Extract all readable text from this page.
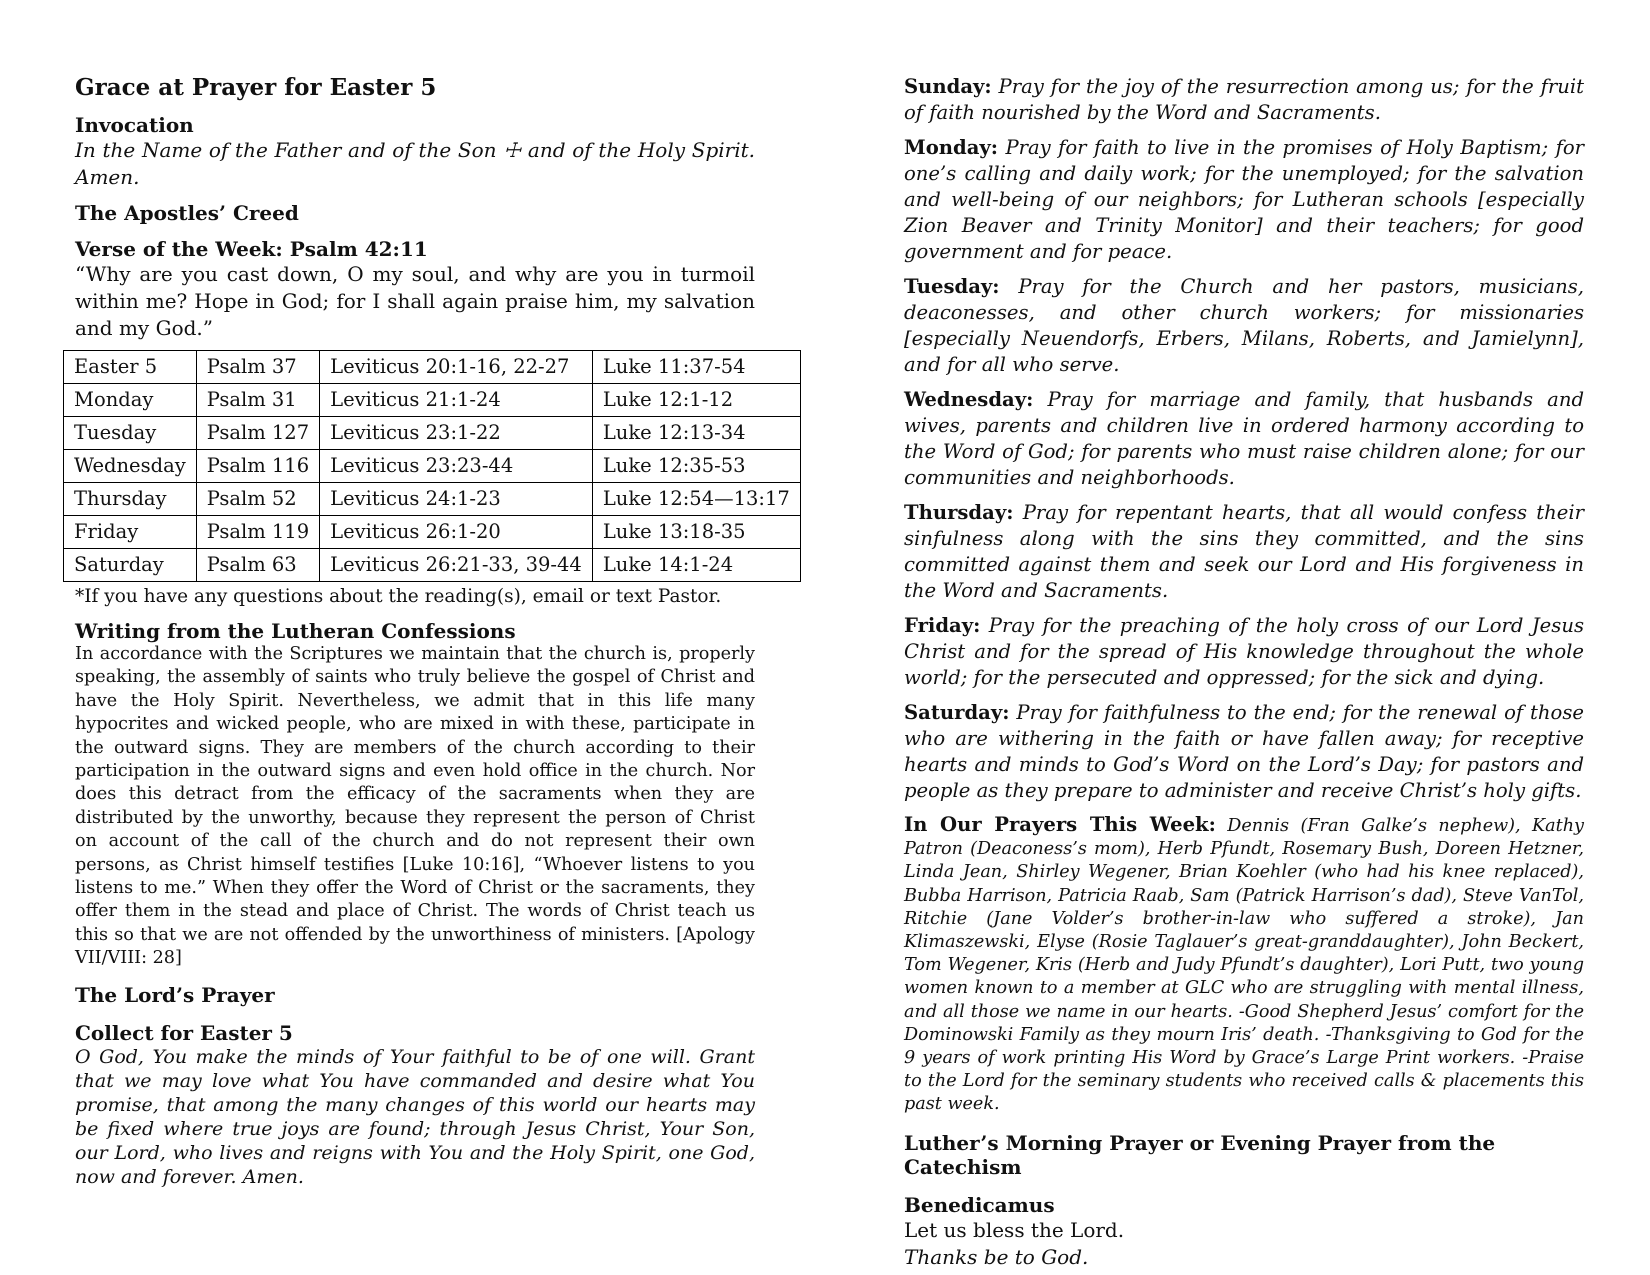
Grace at Prayer for Easter 5

Invocation

In the Name of the Father and of the Son ☩ and of the Holy Spirit. Amen.

The Apostles’ Creed

Verse of the Week: Psalm 42:11

“Why are you cast down, O my soul, and why are you in turmoil within me? Hope in God; for I shall again praise him, my salvation and my God.”

Easter 5	Psalm 37	Leviticus 20:1-16, 22-27	Luke 11:37-54
Monday	Psalm 31	Leviticus 21:1-24	Luke 12:1-12
Tuesday	Psalm 127	Leviticus 23:1-22	Luke 12:13-34
Wednesday	Psalm 116	Leviticus 23:23-44	Luke 12:35-53
Thursday	Psalm 52	Leviticus 24:1-23	Luke 12:54—13:17
Friday	Psalm 119	Leviticus 26:1-20	Luke 13:18-35
Saturday	Psalm 63	Leviticus 26:21-33, 39-44	Luke 14:1-24

*If you have any questions about the reading(s), email or text Pastor.

Writing from the Lutheran Confessions

In accordance with the Scriptures we maintain that the church is, properly speaking, the assembly of saints who truly believe the gospel of Christ and have the Holy Spirit. Nevertheless, we admit that in this life many hypocrites and wicked people, who are mixed in with these, participate in the outward signs. They are members of the church according to their participation in the outward signs and even hold office in the church. Nor does this detract from the efficacy of the sacraments when they are distributed by the unworthy, because they represent the person of Christ on account of the call of the church and do not represent their own persons, as Christ himself testifies [Luke 10:16], “Whoever listens to you listens to me.” When they offer the Word of Christ or the sacraments, they offer them in the stead and place of Christ. The words of Christ teach us this so that we are not offended by the unworthiness of ministers. [Apology VII/VIII: 28]

The Lord’s Prayer

Collect for Easter 5

O God, You make the minds of Your faithful to be of one will. Grant that we may love what You have commanded and desire what You promise, that among the many changes of this world our hearts may be fixed where true joys are found; through Jesus Christ, Your Son, our Lord, who lives and reigns with You and the Holy Spirit, one God, now and forever. Amen.

Sunday: Pray for the joy of the resurrection among us; for the fruit of faith nourished by the Word and Sacraments.

Monday: Pray for faith to live in the promises of Holy Baptism; for one’s calling and daily work; for the unemployed; for the salvation and well-being of our neighbors; for Lutheran schools [especially Zion Beaver and Trinity Monitor] and their teachers; for good government and for peace.

Tuesday: Pray for the Church and her pastors, musicians, deaconesses, and other church workers; for missionaries [especially Neuendorfs, Erbers, Milans, Roberts, and Jamielynn], and for all who serve.

Wednesday: Pray for marriage and family, that husbands and wives, parents and children live in ordered harmony according to the Word of God; for parents who must raise children alone; for our communities and neighborhoods.

Thursday: Pray for repentant hearts, that all would confess their sinfulness along with the sins they committed, and the sins committed against them and seek our Lord and His forgiveness in the Word and Sacraments.

Friday: Pray for the preaching of the holy cross of our Lord Jesus Christ and for the spread of His knowledge throughout the whole world; for the persecuted and oppressed; for the sick and dying.

Saturday: Pray for faithfulness to the end; for the renewal of those who are withering in the faith or have fallen away; for receptive hearts and minds to God’s Word on the Lord’s Day; for pastors and people as they prepare to administer and receive Christ’s holy gifts.

In Our Prayers This Week: Dennis (Fran Galke’s nephew), Kathy Patron (Deaconess’s mom), Herb Pfundt, Rosemary Bush, Doreen Hetzner, Linda Jean, Shirley Wegener, Brian Koehler (who had his knee replaced), Bubba Harrison, Patricia Raab, Sam (Patrick Harrison’s dad), Steve VanTol, Ritchie (Jane Volder’s brother-in-law who suffered a stroke), Jan Klimaszewski, Elyse (Rosie Taglauer’s great-granddaughter), John Beckert, Tom Wegener, Kris (Herb and Judy Pfundt’s daughter), Lori Putt, two young women known to a member at GLC who are struggling with mental illness, and all those we name in our hearts. -Good Shepherd Jesus’ comfort for the Dominowski Family as they mourn Iris’ death. -Thanksgiving to God for the 9 years of work printing His Word by Grace’s Large Print workers. -Praise to the Lord for the seminary students who received calls & placements this past week.

Luther’s Morning Prayer or Evening Prayer from the Catechism

Benedicamus

Let us bless the Lord.

Thanks be to God.
